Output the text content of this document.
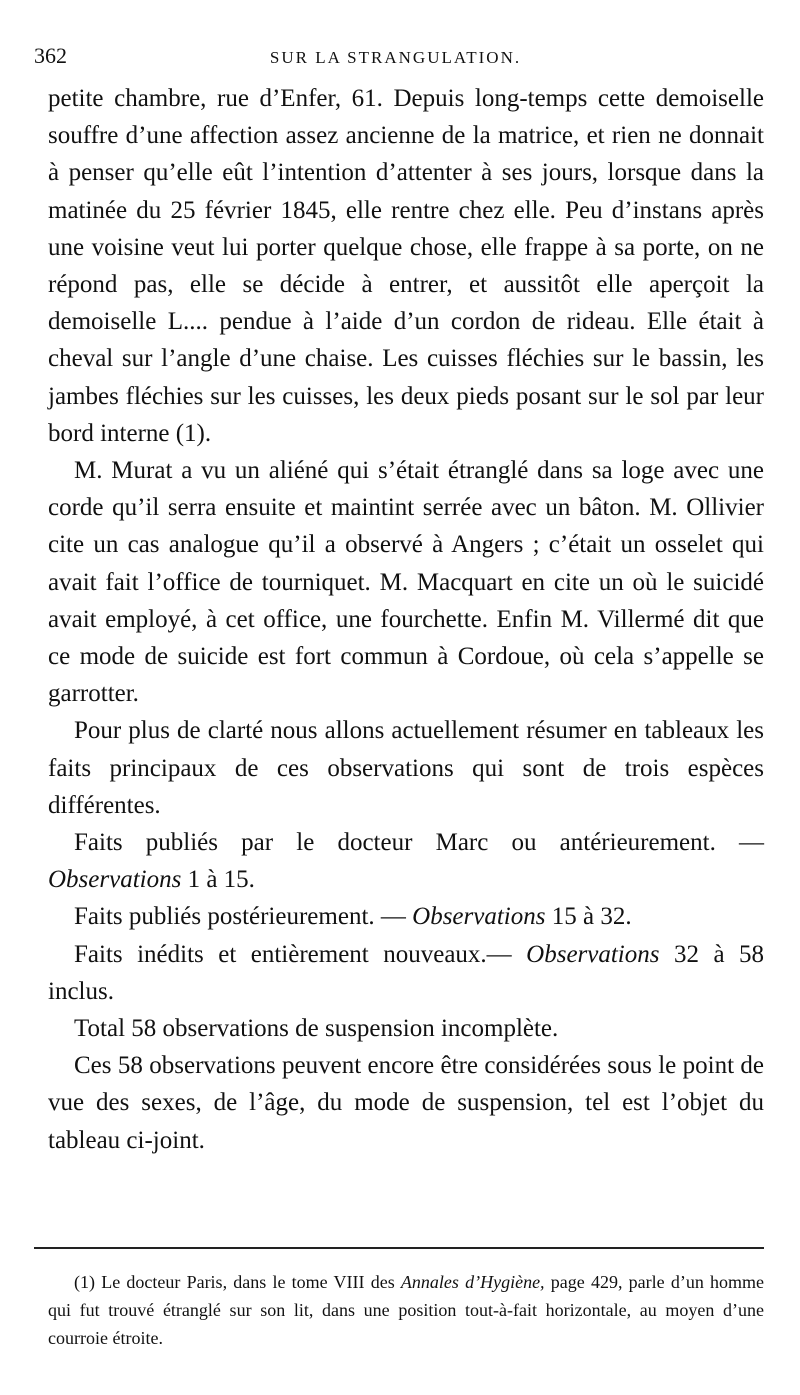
362	SUR LA STRANGULATION.

petite chambre, rue d’Enfer, 61. Depuis long-temps cette demoiselle souffre d’une affection assez ancienne de la matrice, et rien ne donnait à penser qu’elle eût l’intention d’attenter à ses jours, lorsque dans la matinée du 25 février 1845, elle rentre chez elle. Peu d’instans après une voisine veut lui porter quelque chose, elle frappe à sa porte, on ne répond pas, elle se décide à entrer, et aussitôt elle aperçoit la demoiselle L.... pendue à l’aide d’un cordon de rideau. Elle était à cheval sur l’angle d’une chaise. Les cuisses fléchies sur le bassin, les jambes fléchies sur les cuisses, les deux pieds posant sur le sol par leur bord interne (1).

M. Murat a vu un aliéné qui s’était étranglé dans sa loge avec une corde qu’il serra ensuite et maintint serrée avec un bâton. M. Ollivier cite un cas analogue qu’il a observé à Angers ; c’était un osselet qui avait fait l’office de tourniquet. M. Macquart en cite un où le suicidé avait employé, à cet office, une fourchette. Enfin M. Villermé dit que ce mode de suicide est fort commun à Cordoue, où cela s’appelle se garrotter.

Pour plus de clarté nous allons actuellement résumer en tableaux les faits principaux de ces observations qui sont de trois espèces différentes.

Faits publiés par le docteur Marc ou antérieurement. — Observations 1 à 15.

Faits publiés postérieurement. — Observations 15 à 32.

Faits inédits et entièrement nouveaux.— Observations 32 à 58 inclus.

Total 58 observations de suspension incomplète.

Ces 58 observations peuvent encore être considérées sous le point de vue des sexes, de l’âge, du mode de suspension, tel est l’objet du tableau ci-joint.

(1) Le docteur Paris, dans le tome VIII des Annales d’Hygiène, page 429, parle d’un homme qui fut trouvé étranglé sur son lit, dans une position tout-à-fait horizontale, au moyen d’une courroie étroite.
